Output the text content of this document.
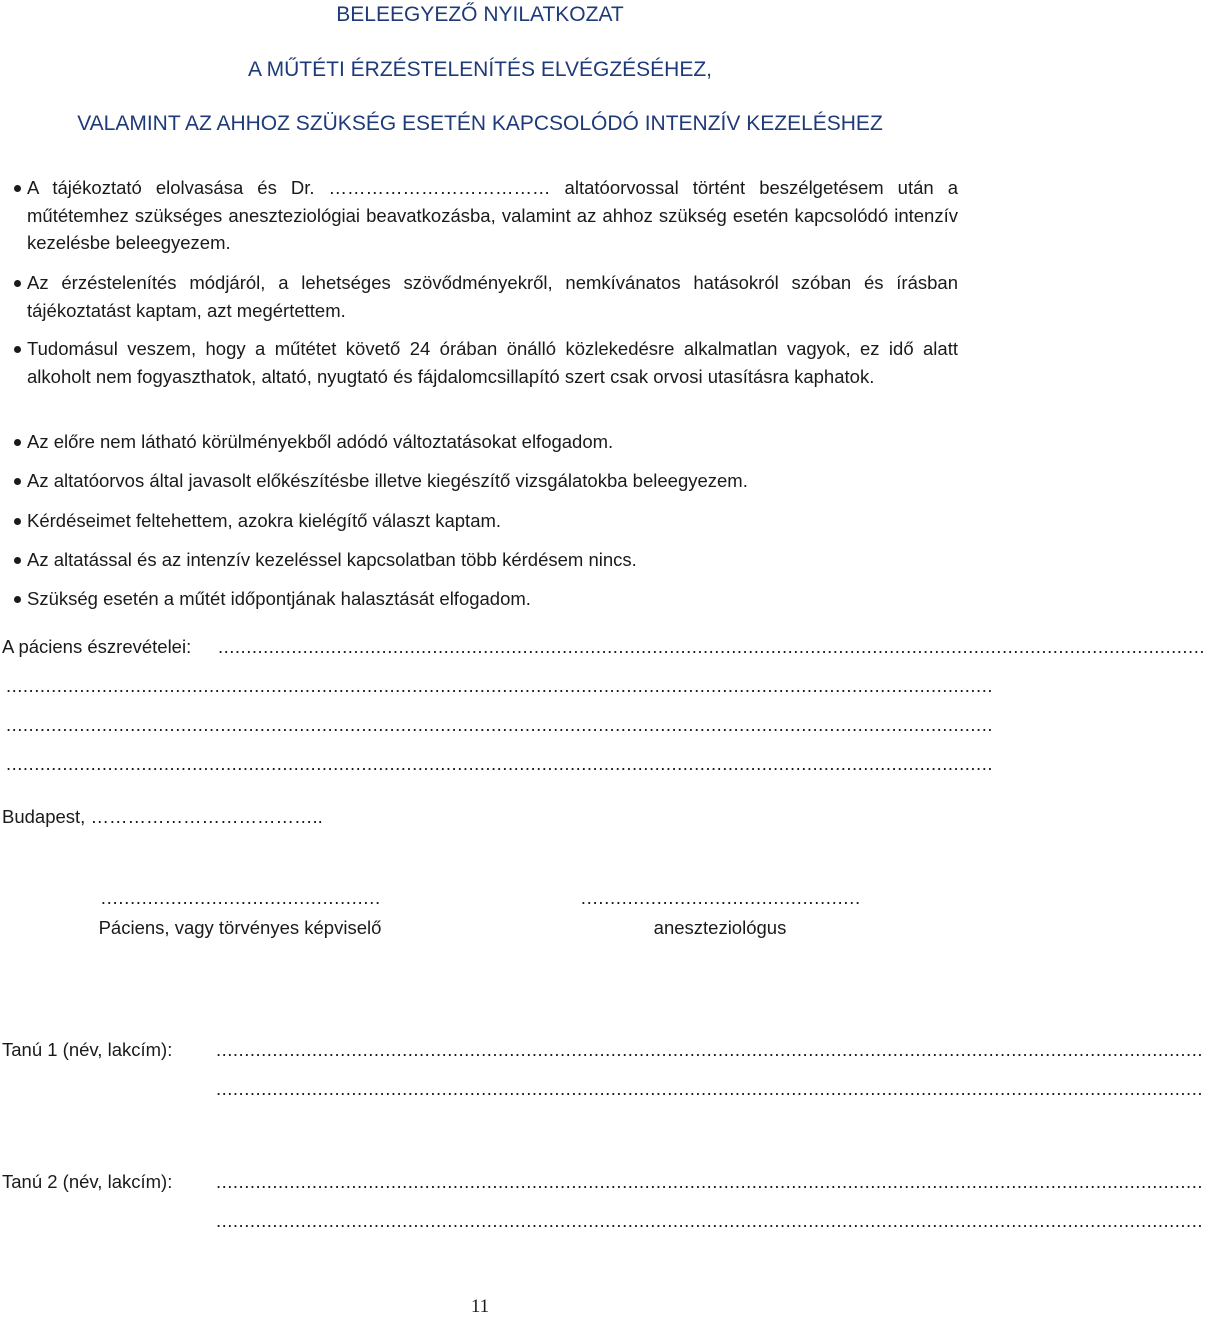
BELEEGYEZŐ NYILATKOZAT
A MŰTÉTI ÉRZÉSTELENÍTÉS ELVÉGZÉSÉHEZ,
VALAMINT AZ AHHOZ SZÜKSÉG ESETÉN KAPCSOLÓDÓ INTENZÍV KEZELÉSHEZ
A tájékoztató elolvasása és Dr. ……………………………… altatóorvossal történt beszélgetésem után a műtétemhez szükséges aneszteziológiai beavatkozásba, valamint az ahhoz szükség esetén kapcsolódó intenzív kezelésbe beleegyezem.
Az érzéstelenítés módjáról, a lehetséges szövődményekről, nemkívánatos hatásokról szóban és írásban tájékoztatást kaptam, azt megértettem.
Tudomásul veszem, hogy a műtétet követő 24 órában önálló közlekedésre alkalmatlan vagyok, ez idő alatt alkoholt nem fogyaszthatok, altató, nyugtató és fájdalomcsillapító szert csak orvosi utasításra kaphatok.
Az előre nem látható körülményekből adódó változtatásokat elfogadom.
Az altatóorvos által javasolt előkészítésbe illetve kiegészítő vizsgálatokba beleegyezem.
Kérdéseimet feltehettem, azokra kielégítő választ kaptam.
Az altatással és az intenzív kezeléssel kapcsolatban több kérdésem nincs.
Szükség esetén a műtét időpontjának halasztását elfogadom.
A páciens észrevételei: ...............................................................................................................................................................................
...............................................................................................................................................................................
...............................................................................................................................................................................
...............................................................................................................................................................................
Budapest, ………………………………..
…………………………………………
Páciens, vagy törvényes képviselő
…………………………………………
aneszteziológus
Tanú 1 (név, lakcím): ...............................................................................................................................................................................
...............................................................................................................................................................................
Tanú 2 (név, lakcím): ...............................................................................................................................................................................
...............................................................................................................................................................................
11
